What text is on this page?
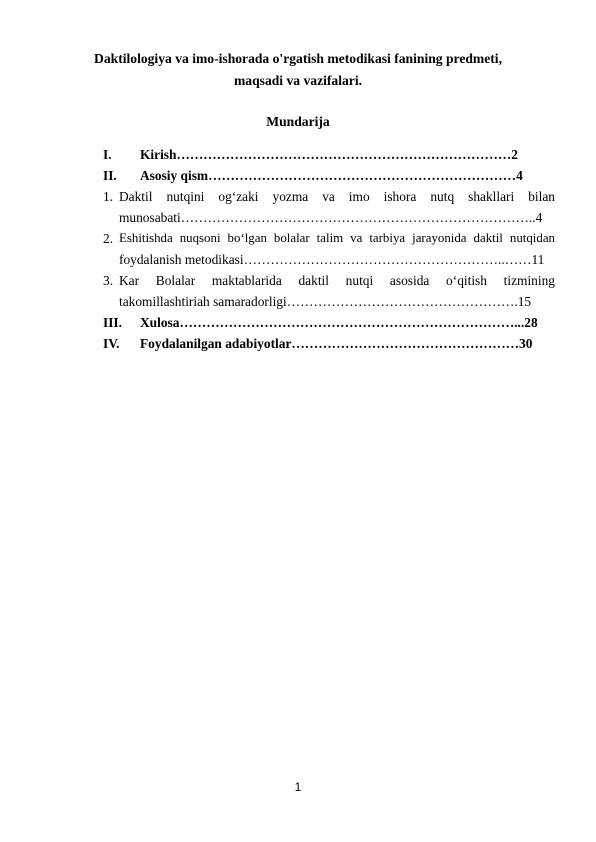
Daktilologiya va imo-ishorada o'rgatish metodikasi fanining predmeti,
maqsadi va vazifalari.
Mundarija
I. Kirish…………………………………………………………………2
II. Asosiy qism……………………………………………………………4
1. Daktil nutqini og‘zaki yozma va imo ishora nutq shakllari bilan
munosabati……………………………………………………………………..4
2. Eshitishda nuqsoni bo‘lgan bolalar talim va tarbiya jarayonida daktil nutqidan
foydalanish metodikasi…………………………………………………..……11
3. Kar Bolalar maktablarida daktil nutqi asosida o‘qitish tizmining
takomillashtiriah samaradorligi…………………………………………….15
III. Xulosa…………………………………………………………………...28
IV. Foydalanilgan adabiyotlar……………………………………………30
1
